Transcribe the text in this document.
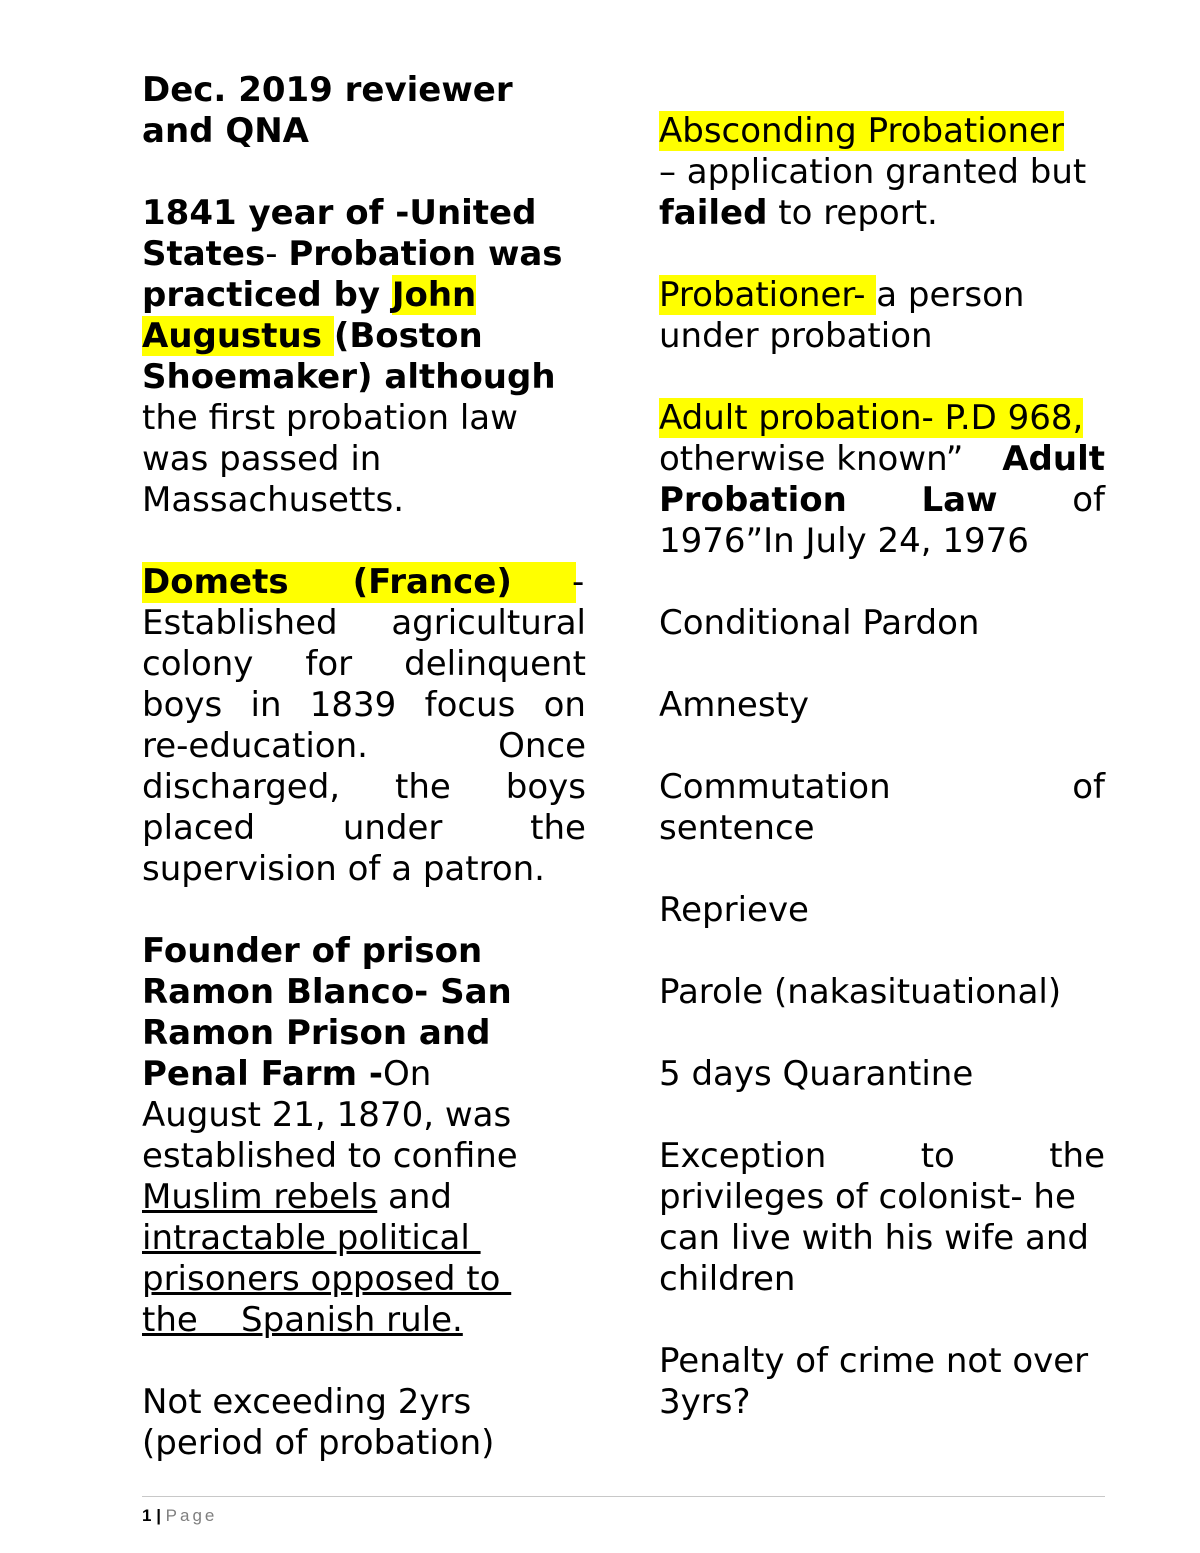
Dec. 2019 reviewer
and QNA
1841 year of -United
States- Probation was
practiced by John
Augustus (Boston
Shoemaker) although
the first probation law
was passed in
Massachusetts.
Domets (France) -
Established agricultural
colony for delinquent
boys in 1839 focus on
re-education.	Once
discharged, the boys
placed	under	the
supervision of a patron.
Founder of prison
Ramon Blanco- San
Ramon Prison and
Penal Farm -On
August 21, 1870, was
established to confine
Muslim rebels and
intractable political
prisoners opposed to
the    Spanish rule.
Not exceeding 2yrs
(period of probation)
Absconding Probationer
– application granted but
failed to report.
Probationer- a person
under probation
Adult probation- P.D 968,
otherwise known” Adult
Probation Law of
1976”In July 24, 1976
Conditional Pardon
Amnesty
Commutation	of
sentence
Reprieve
Parole (nakasituational)
5 days Quarantine
Exception	to	the
privileges of colonist- he
can live with his wife and
children
Penalty of crime not over
3yrs?
1 | Page
